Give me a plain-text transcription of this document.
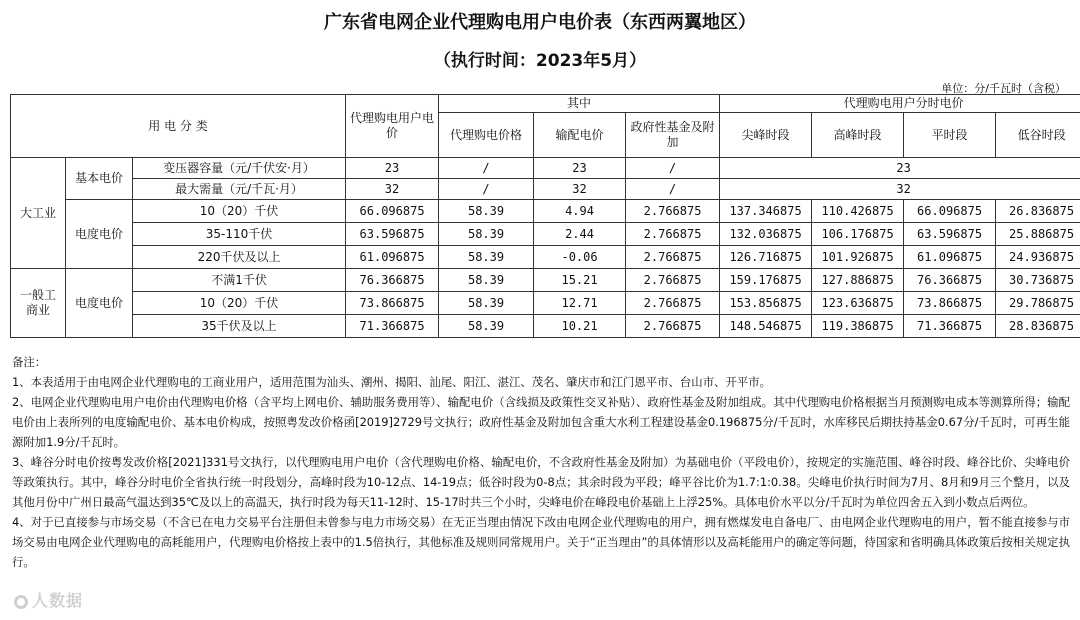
广东省电网企业代理购电用户电价表（东西两翼地区）
（执行时间：2023年5月）
单位：分/千瓦时（含税）
用 电 分 类			代理购电用户电价	其中			代理购电用户分时电价			
				代理购电价格	输配电价	政府性基金及附加	尖峰时段	高峰时段	平时段	低谷时段
大工业	基本电价	变压器容量（元/千伏安·月）	23	/	23	/	23			
		最大需量（元/千瓦·月）	32	/	32	/	32			
	电度电价	10（20）千伏	66.096875	58.39	4.94	2.766875	137.346875	110.426875	66.096875	26.836875
		35-110千伏	63.596875	58.39	2.44	2.766875	132.036875	106.176875	63.596875	25.886875
		220千伏及以上	61.096875	58.39	-0.06	2.766875	126.716875	101.926875	61.096875	24.936875
一般工商业	电度电价	不满1千伏	76.366875	58.39	15.21	2.766875	159.176875	127.886875	76.366875	30.736875
		10（20）千伏	73.866875	58.39	12.71	2.766875	153.856875	123.636875	73.866875	29.786875
		35千伏及以上	71.366875	58.39	10.21	2.766875	148.546875	119.386875	71.366875	28.836875

备注：

1、本表适用于由电网企业代理购电的工商业用户，适用范围为汕头、潮州、揭阳、汕尾、阳江、湛江、茂名、肇庆市和江门恩平市、台山市、开平市。

2、电网企业代理购电用户电价由代理购电价格（含平均上网电价、辅助服务费用等）、输配电价（含线损及政策性交叉补贴）、政府性基金及附加组成。其中代理购电价格根据当月预测购电成本等测算所得；输配电价由上表所列的电度输配电价、基本电价构成，按照粤发改价格函[2019]2729号文执行；政府性基金及附加包含重大水利工程建设基金0.196875分/千瓦时，水库移民后期扶持基金0.67分/千瓦时，可再生能源附加1.9分/千瓦时。

3、峰谷分时电价按粤发改价格[2021]331号文执行，以代理购电用户电价（含代理购电价格、输配电价，不含政府性基金及附加）为基础电价（平段电价），按规定的实施范围、峰谷时段、峰谷比价、尖峰电价等政策执行。其中，峰谷分时电价全省执行统一时段划分，高峰时段为10-12点、14-19点；低谷时段为0-8点；其余时段为平段；峰平谷比价为1.7:1:0.38。尖峰电价执行时间为7月、8月和9月三个整月，以及其他月份中广州日最高气温达到35℃及以上的高温天，执行时段为每天11-12时、15-17时共三个小时，尖峰电价在峰段电价基础上上浮25%。具体电价水平以分/千瓦时为单位四舍五入到小数点后两位。

4、对于已直接参与市场交易（不含已在电力交易平台注册但未曾参与电力市场交易）在无正当理由情况下改由电网企业代理购电的用户，拥有燃煤发电自备电厂、由电网企业代理购电的用户，暂不能直接参与市场交易由电网企业代理购电的高耗能用户，代理购电价格按上表中的1.5倍执行，其他标准及规则同常规用户。关于“正当理由”的具体情形以及高耗能用户的确定等问题，待国家和省明确具体政策后按相关规定执行。

人数据
